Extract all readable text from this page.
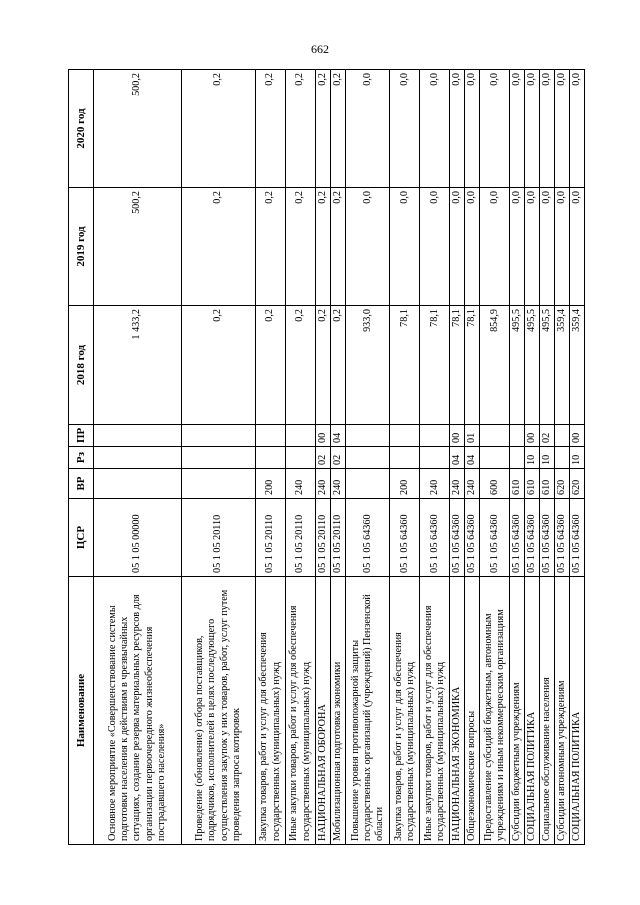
662
Наименование	ЦСР	ВР	Рз	ПР	2018 год	2019 год	2020 год
Основное мероприятие «Совершенствование системы подготовки населения к действиям в чрезвычайных ситуациях, создание резерва материальных ресурсов для организации первоочередного жизнеобеспечения пострадавшего населения»	05 1 05 00000				1 433,2	500,2	500,2
Проведение (обновление) отбора поставщиков, подрядчиков, исполнителей в целях последующего осуществления закупок у них товаров, работ, услуг путем проведения запроса котировок	05 1 05 20110				0,2	0,2	0,2
Закупка товаров, работ и услуг для обеспечения государственных (муниципальных) нужд	05 1 05 20110	200			0,2	0,2	0,2
Иные закупки товаров, работ и услуг для обеспечения государственных (муниципальных) нужд	05 1 05 20110	240			0,2	0,2	0,2
НАЦИОНАЛЬНАЯ ОБОРОНА	05 1 05 20110	240	02	00	0,2	0,2	0,2
Мобилизационная подготовка экономики	05 1 05 20110	240	02	04	0,2	0,2	0,2
Повышение уровня противопожарной защиты государственных организаций (учреждений) Пензенской области	05 1 05 64360				933,0	0,0	0,0
Закупка товаров, работ и услуг для обеспечения государственных (муниципальных) нужд	05 1 05 64360	200			78,1	0,0	0,0
Иные закупки товаров, работ и услуг для обеспечения государственных (муниципальных) нужд	05 1 05 64360	240			78,1	0,0	0,0
НАЦИОНАЛЬНАЯ ЭКОНОМИКА	05 1 05 64360	240	04	00	78,1	0,0	0,0
Общеэкономические вопросы	05 1 05 64360	240	04	01	78,1	0,0	0,0
Предоставление субсидий бюджетным, автономным учреждениям и иным некоммерческим организациям	05 1 05 64360	600			854,9	0,0	0,0
Субсидии бюджетным учреждениям	05 1 05 64360	610			495,5	0,0	0,0
СОЦИАЛЬНАЯ ПОЛИТИКА	05 1 05 64360	610	10	00	495,5	0,0	0,0
Социальное обслуживание населения	05 1 05 64360	610	10	02	495,5	0,0	0,0
Субсидии автономным учреждениям	05 1 05 64360	620			359,4	0,0	0,0
СОЦИАЛЬНАЯ ПОЛИТИКА	05 1 05 64360	620	10	00	359,4	0,0	0,0
